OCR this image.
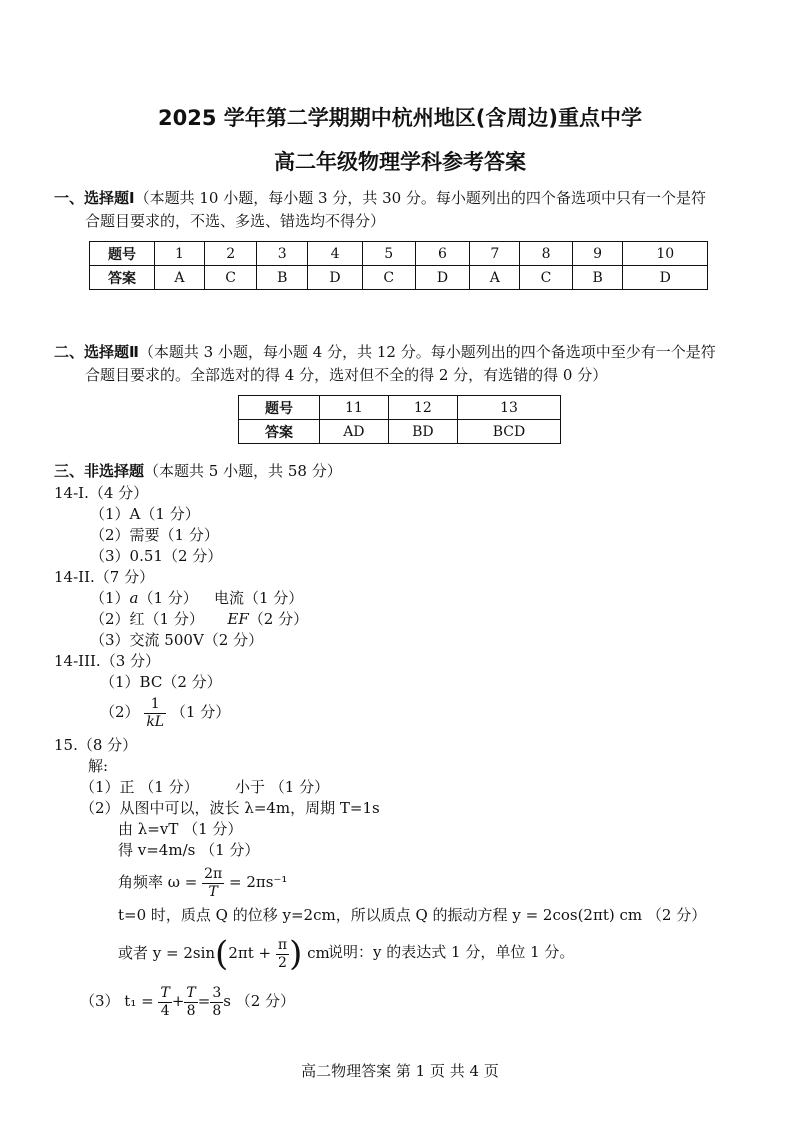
2025 学年第二学期期中杭州地区(含周边)重点中学
高二年级物理学科参考答案
一、选择题Ⅰ（本题共 10 小题，每小题 3 分，共 30 分。每小题列出的四个备选项中只有一个是符
合题目要求的，不选、多选、错选均不得分）
题号	1	2	3	4	5	6	7	8	9	10
答案	A	C	B	D	C	D	A	C	B	D
二、选择题Ⅱ（本题共 3 小题，每小题 4 分，共 12 分。每小题列出的四个备选项中至少有一个是符
合题目要求的。全部选对的得 4 分，选对但不全的得 2 分，有选错的得 0 分）
题号	11	12	13
答案	AD	BD	BCD
三、非选择题（本题共 5 小题，共 58 分）
14-I.（4 分）
（1）A（1 分）
（2）需要（1 分）
（3）0.51（2 分）
14-II.（7 分）
（1）a（1 分） 电流（1 分）
（2）红（1 分） EF（2 分）
（3）交流 500V（2 分）
14-III.（3 分）
（1）BC（2 分）
$(2) \frac{1}{kL} (1$ 分）
15.（8 分）
解:
（1）正 （1 分） 小于 （1 分）
（2）从图中可以，波长 λ=4m，周期 T=1s
由 λ=vT （1 分）
得 v=4m/s （1 分）
角频率 $\omega = \frac{2\pi}{T} = 2\pi s^{-1}$
t=0 时，质点 Q 的位移 y=2cm，所以质点 Q 的振动方程 y = 2cos(2πt) cm （2 分）
或者 $y = 2\sin(2\pi t + \frac{\pi}{2}$ ) cm
说明：y 的表达式 1 分，单位 1 分。
（3） $t_1 = \frac{T}{4} + \frac{T}{8} = \frac{3}{8}$ s （2 分）
高二物理答案 第 1 页 共 4 页
